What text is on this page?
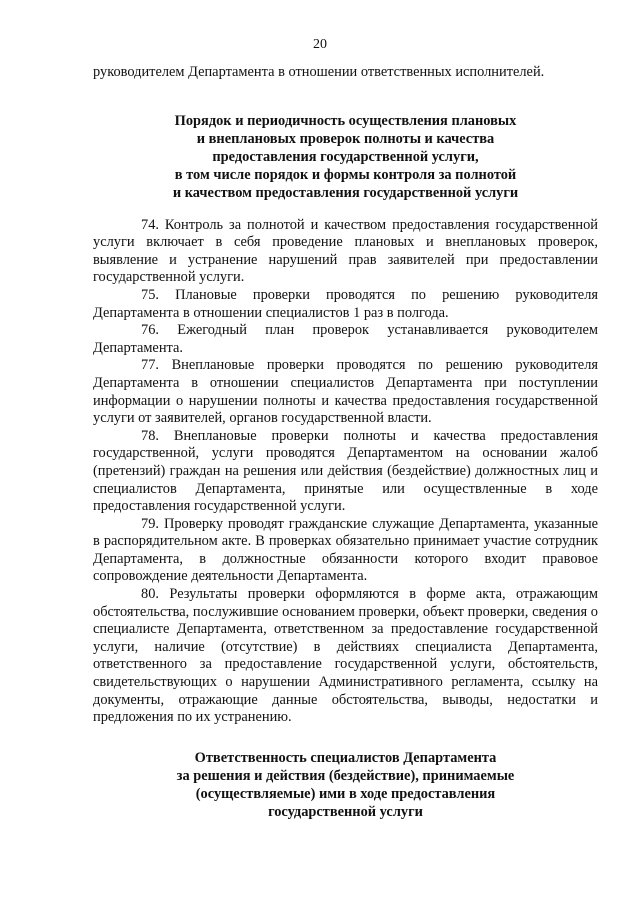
20

руководителем Департамента в отношении ответственных исполнителей.

Порядок и периодичность осуществления плановых
и внеплановых проверок полноты и качества
предоставления государственной услуги,
в том числе порядок и формы контроля за полнотой
и качеством предоставления государственной услуги

74. Контроль за полнотой и качеством предоставления государственной услуги включает в себя проведение плановых и внеплановых проверок, выявление и устранение нарушений прав заявителей при предоставлении государственной услуги.

75. Плановые проверки проводятся по решению руководителя Департамента в отношении специалистов 1 раз в полгода.

76. Ежегодный план проверок устанавливается руководителем Департамента.

77. Внеплановые проверки проводятся по решению руководителя Департамента в отношении специалистов Департамента при поступлении информации о нарушении полноты и качества предоставления государственной услуги от заявителей, органов государственной власти.

78. Внеплановые проверки полноты и качества предоставления государственной, услуги проводятся Департаментом на основании жалоб (претензий) граждан на решения или действия (бездействие) должностных лиц и специалистов Департамента, принятые или осуществленные в ходе предоставления государственной услуги.

79. Проверку проводят гражданские служащие Департамента, указанные в распорядительном акте. В проверках обязательно принимает участие сотрудник Департамента, в должностные обязанности которого входит правовое сопровождение деятельности Департамента.

80. Результаты проверки оформляются в форме акта, отражающим обстоятельства, послужившие основанием проверки, объект проверки, сведения о специалисте Департамента, ответственном за предоставление государственной услуги, наличие (отсутствие) в действиях специалиста Департамента, ответственного за предоставление государственной услуги, обстоятельств, свидетельствующих о нарушении Административного регламента, ссылку на документы, отражающие данные обстоятельства, выводы, недостатки и предложения по их устранению.

Ответственность специалистов Департамента
за решения и действия (бездействие), принимаемые
(осуществляемые) ими в ходе предоставления
государственной услуги
